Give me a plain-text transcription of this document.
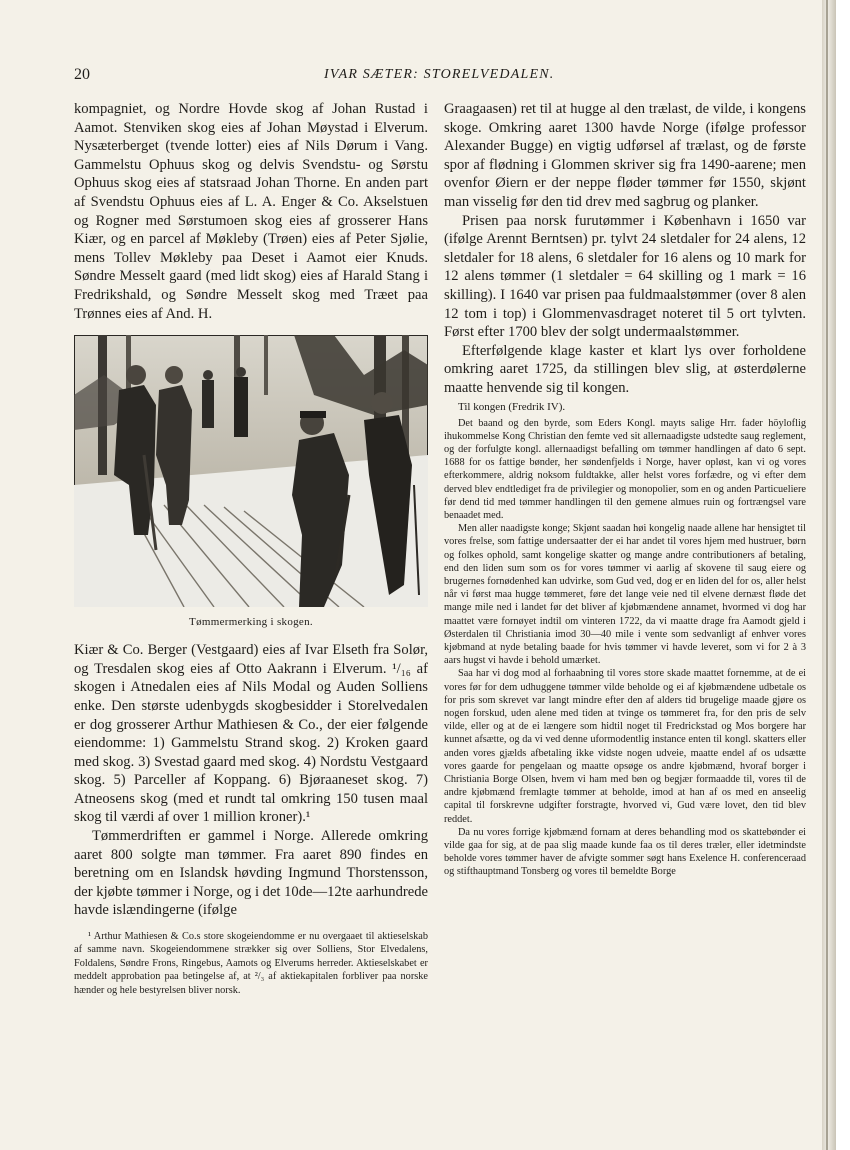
20	IVAR SÆTER: STORELVEDALEN.

kompagniet, og Nordre Hovde skog af Johan Rustad i Aamot. Stenviken skog eies af Johan Møystad i Elverum. Nysæterberget (tvende lotter) eies af Nils Dørum i Vang. Gammelstu Ophuus skog og delvis Svendstu- og Sørstu Ophuus skog eies af statsraad Johan Thorne. En anden part af Svendstu Ophuus eies af L. A. Enger & Co. Akselstuen og Rogner med Sørstumoen skog eies af grosserer Hans Kiær, og en parcel af Møkleby (Trøen) eies af Peter Sjølie, mens Tollev Møkleby paa Deset i Aamot eier Knuds. Søndre Messelt gaard (med lidt skog) eies af Harald Stang i Fredrikshald, og Søndre Messelt skog med Træet paa Trønnes eies af And. H.

Tømmermerking i skogen.

Kiær & Co. Berger (Vestgaard) eies af Ivar Elseth fra Solør, og Tresdalen skog eies af Otto Aakrann i Elverum. ¹/₁₆ af skogen i Atnedalen eies af Nils Modal og Auden Solliens enke. Den største udenbygds skogbesidder i Storelvedalen er dog grosserer Arthur Mathiesen & Co., der eier følgende eiendomme: 1) Gammelstu Strand skog. 2) Kroken gaard med skog. 3) Svestad gaard med skog. 4) Nordstu Vestgaard skog. 5) Parceller af Koppang. 6) Bjøraaneset skog. 7) Atneosens skog (med et rundt tal omkring 150 tusen maal skog til værdi af over 1 million kroner).¹

Tømmerdriften er gammel i Norge. Allerede omkring aaret 800 solgte man tømmer. Fra aaret 890 findes en beretning om en Islandsk høvding Ingmund Thorstensson, der kjøbte tømmer i Norge, og i det 10de—12te aarhundrede havde islændingerne (ifølge

¹ Arthur Mathiesen & Co.s store skogeiendomme er nu overgaaet til aktieselskab af samme navn. Skogeiendommene strækker sig over Solliens, Stor Elvedalens, Foldalens, Søndre Frons, Ringebus, Aamots og Elverums herreder. Aktieselskabet er meddelt approbation paa betingelse af, at ²/₃ af aktiekapitalen forbliver paa norske hænder og hele bestyrelsen bliver norsk.

Graagaasen) ret til at hugge al den trælast, de vilde, i kongens skoge. Omkring aaret 1300 havde Norge (ifølge professor Alexander Bugge) en vigtig udførsel af trælast, og de første spor af flødning i Glommen skriver sig fra 1490-aarene; men ovenfor Øiern er der neppe fløder tømmer før 1550, skjønt man visselig før den tid drev med sagbrug og planker.

Prisen paa norsk furutømmer i København i 1650 var (ifølge Arennt Berntsen) pr. tylvt 24 sletdaler for 24 alens, 12 sletdaler for 18 alens, 6 sletdaler for 16 alens og 10 mark for 12 alens tømmer (1 sletdaler = 64 skilling og 1 mark = 16 skilling). I 1640 var prisen paa fuldmaalstømmer (over 8 alen 12 tom i top) i Glommenvasdraget noteret til 5 ort tylvten. Først efter 1700 blev der solgt undermaalstømmer.

Efterfølgende klage kaster et klart lys over forholdene omkring aaret 1725, da stillingen blev slig, at østerdølerne maatte henvende sig til kongen.

Til kongen (Fredrik IV).

Det baand og den byrde, som Eders Kongl. mayts salige Hrr. fader höyloflig ihukommelse Kong Christian den femte ved sit allernaadigste udstedte saug reglement, og der forfulgte kongl. allernaadigst befalling om tømmer handlingen af dato 6 sept. 1688 for os fattige bønder, her søndenfjelds i Norge, haver opløst, kan vi og vores efterkommere, aldrig noksom fuldtakke, aller helst vores forfædre, og vi efter dem derved blev endtlediget fra de privilegier og monopolier, som en og anden Particueliere før dend tid med tømmer handlingen til den gemene almues ruin og fortrængsel vare benaadet med.

Men aller naadigste konge; Skjønt saadan høi kongelig naade allene har hensigtet til vores frelse, som fattige undersaatter der ei har andet til vores hjem med hustruer, børn og folkes ophold, samt kongelige skatter og mange andre contributioners af betaling, end den liden sum som os for vores tømmer vi aarlig af skovene til saug eiere og brugernes fornødenhed kan udvirke, som Gud ved, dog er en liden del for os, aller helst når vi først maa hugge tømmeret, føre det lange veie ned til elvene dernæst fløde det mange mile ned i landet før det bliver af kjøbmændene annamet, hvormed vi dog har maattet være fornøyet indtil om vinteren 1722, da vi maatte drage fra Aamodt gjeld i Østerdalen til Christiania imod 30—40 mile i vente som sedvanligt af enhver vores kjøbmand at nyde betaling baade for hvis tømmer vi havde leveret, som vi for 2 à 3 aars hugst vi havde i behold umærket.

Saa har vi dog mod al forhaabning til vores store skade maattet fornemme, at de ei vores før for dem udhuggene tømmer vilde beholde og ei af kjøbmændene udbetale os for pris som skrevet var langt mindre efter den af alders tid brugelige maade gjøre os nogen forskud, uden alene med tiden at tvinge os tømmeret fra, for den pris de selv vilde, eller og at de ei længere som hidtil noget til Fredrickstad og Mos borgere har kunnet afsætte, og da vi ved denne uformodentlig instance enten til kongl. skatters eller anden vores gjælds afbetaling ikke vidste nogen udveie, maatte endel af os udsætte vores gaarde for pengelaan og maatte opsøge os andre kjøbmænd, hvoraf borger i Christiania Borge Olsen, hvem vi ham med bøn og begjær formaadde til, vores til de andre kjøbmænd fremlagte tømmer at beholde, imod at han af os med en anseelig capital til forskrevne udgifter forstragte, hvorved vi, Gud være lovet, den tid blev reddet.

Da nu vores forrige kjøbmænd fornam at deres behandling mod os skattebønder ei vilde gaa for sig, at de paa slig maade kunde faa os til deres træler, eller idetmindste beholde vores tømmer haver de afvigte sommer søgt hans Exelence H. conferenceraad og stifthauptmand Tonsberg og vores til bemeldte Borge
